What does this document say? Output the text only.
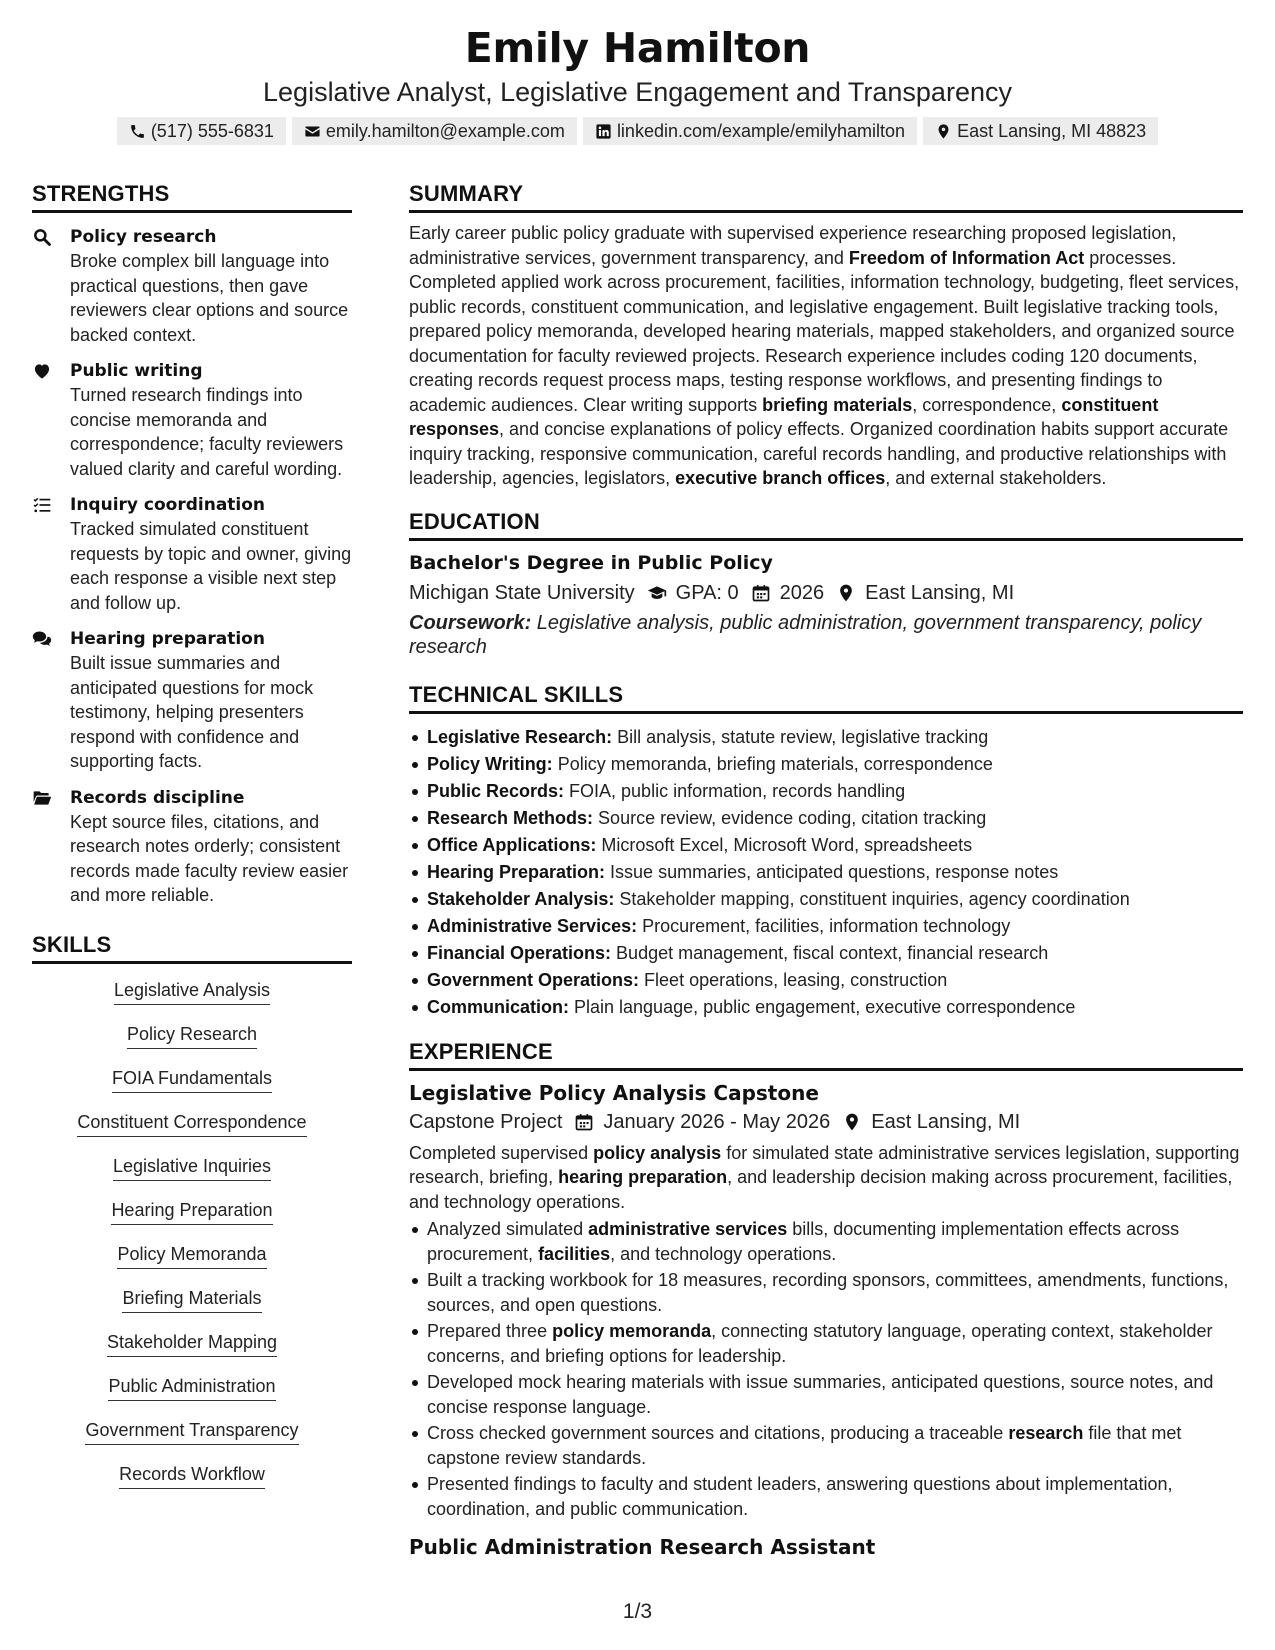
Emily Hamilton
Legislative Analyst, Legislative Engagement and Transparency
(517) 555-6831	emily.hamilton@example.com	linkedin.com/example/emilyhamilton	East Lansing, MI 48823
STRENGTHS
Policy research
Broke complex bill language into practical questions, then gave reviewers clear options and source backed context.
Public writing
Turned research findings into concise memoranda and correspondence; faculty reviewers valued clarity and careful wording.
Inquiry coordination
Tracked simulated constituent requests by topic and owner, giving each response a visible next step and follow up.
Hearing preparation
Built issue summaries and anticipated questions for mock testimony, helping presenters respond with confidence and supporting facts.
Records discipline
Kept source files, citations, and research notes orderly; consistent records made faculty review easier and more reliable.
SKILLS
Legislative Analysis
Policy Research
FOIA Fundamentals
Constituent Correspondence
Legislative Inquiries
Hearing Preparation
Policy Memoranda
Briefing Materials
Stakeholder Mapping
Public Administration
Government Transparency
Records Workflow
SUMMARY

Early career public policy graduate with supervised experience researching proposed legislation, administrative services, government transparency, and Freedom of Information Act processes. Completed applied work across procurement, facilities, information technology, budgeting, fleet services, public records, constituent communication, and legislative engagement. Built legislative tracking tools, prepared policy memoranda, developed hearing materials, mapped stakeholders, and organized source documentation for faculty reviewed projects. Research experience includes coding 120 documents, creating records request process maps, testing response workflows, and presenting findings to academic audiences. Clear writing supports briefing materials, correspondence, constituent responses, and concise explanations of policy effects. Organized coordination habits support accurate inquiry tracking, responsive communication, careful records handling, and productive relationships with leadership, agencies, legislators, executive branch offices, and external stakeholders.

EDUCATION
Bachelor's Degree in Public Policy
Michigan State University GPA: 0 2026 East Lansing, MI
Coursework: Legislative analysis, public administration, government transparency, policy research
TECHNICAL SKILLS
Legislative Research: Bill analysis, statute review, legislative tracking
Policy Writing: Policy memoranda, briefing materials, correspondence
Public Records: FOIA, public information, records handling
Research Methods: Source review, evidence coding, citation tracking
Office Applications: Microsoft Excel, Microsoft Word, spreadsheets
Hearing Preparation: Issue summaries, anticipated questions, response notes
Stakeholder Analysis: Stakeholder mapping, constituent inquiries, agency coordination
Administrative Services: Procurement, facilities, information technology
Financial Operations: Budget management, fiscal context, financial research
Government Operations: Fleet operations, leasing, construction
Communication: Plain language, public engagement, executive correspondence
EXPERIENCE
Legislative Policy Analysis Capstone
Capstone Project January 2026 - May 2026 East Lansing, MI

Completed supervised policy analysis for simulated state administrative services legislation, supporting research, briefing, hearing preparation, and leadership decision making across procurement, facilities, and technology operations.

Analyzed simulated administrative services bills, documenting implementation effects across procurement, facilities, and technology operations.
Built a tracking workbook for 18 measures, recording sponsors, committees, amendments, functions, sources, and open questions.
Prepared three policy memoranda, connecting statutory language, operating context, stakeholder concerns, and briefing options for leadership.
Developed mock hearing materials with issue summaries, anticipated questions, source notes, and concise response language.
Cross checked government sources and citations, producing a traceable research file that met capstone review standards.
Presented findings to faculty and student leaders, answering questions about implementation, coordination, and public communication.
Public Administration Research Assistant
1/3
